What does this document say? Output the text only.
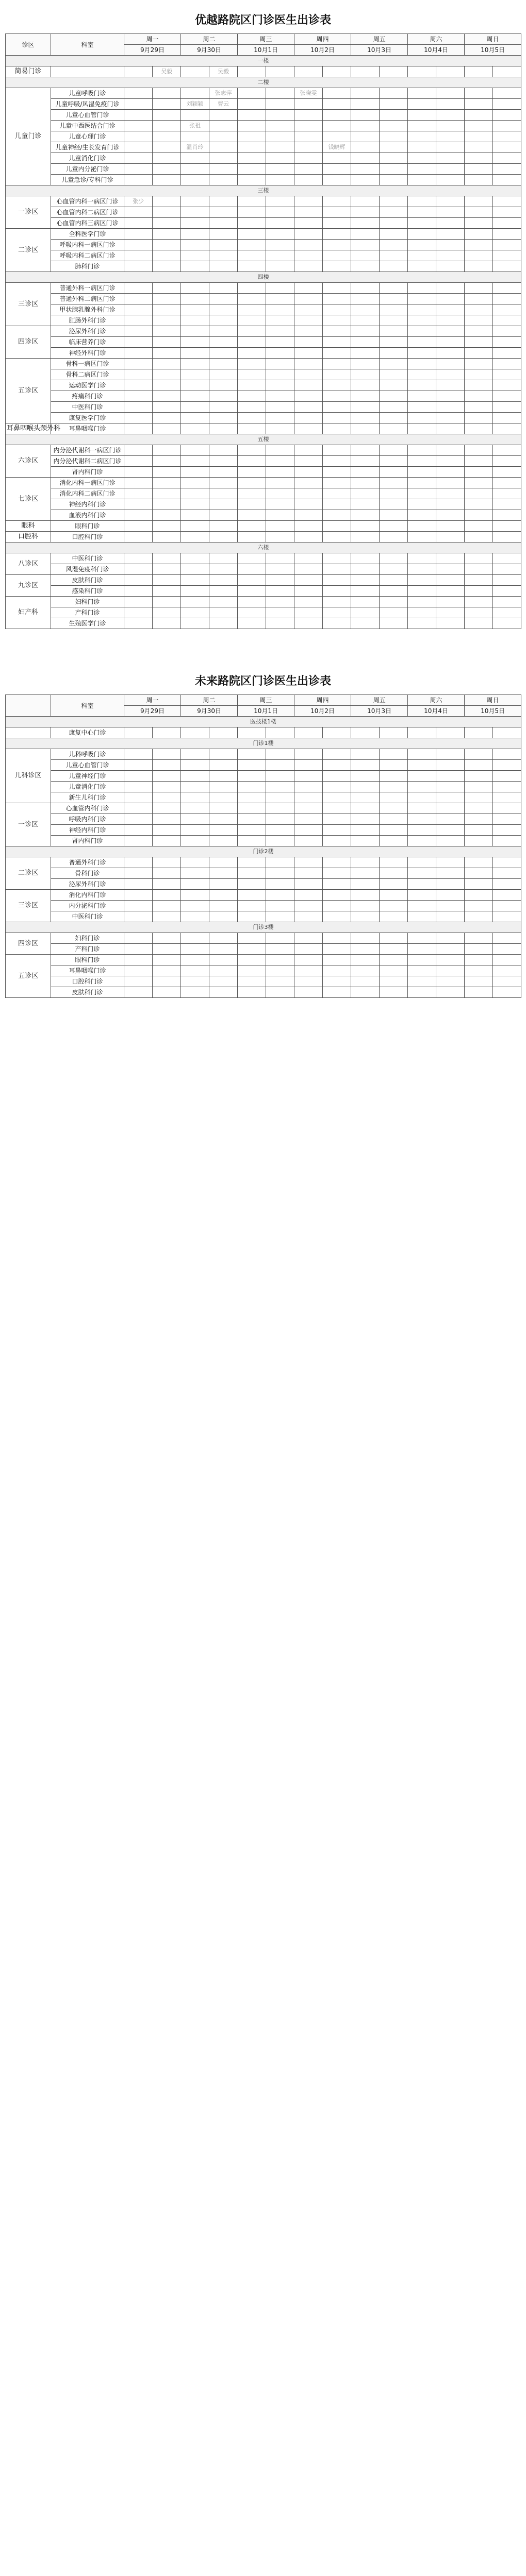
优越路院区门诊医生出诊表
诊区	科室	周一		周二		周三		周四		周五		周六		周日	
		9月29日		9月30日		10月1日		10月2日		10月3日		10月4日		10月5日	
一楼															
简易门诊			吴毅		吴毅										
二楼															
儿童门诊	儿童呼吸门诊				张志萍			张晓雯							
	儿童呼吸/风湿免疫门诊			刘颖颖	曹云										
	儿童心血管门诊														
	儿童中西医结合门诊			张祖											
	儿童心理门诊														
	儿童神经/生长发育门诊			温肖玲					钱晓辉						
	儿童消化门诊														
	儿童内分泌门诊														
	儿童急诊/专科门诊														
三楼															
一诊区	心血管内科一病区门诊	张少													
	心血管内科二病区门诊														
	心血管内科三病区门诊														
二诊区	全科医学门诊														
	呼吸内科一病区门诊														
	呼吸内科二病区门诊														
	肺科门诊														
四楼															
三诊区	普通外科一病区门诊														
	普通外科二病区门诊														
	甲状腺乳腺外科门诊														
	肛肠外科门诊														
四诊区	泌尿外科门诊														
	临床营养门诊														
	神经外科门诊														
五诊区	骨科一病区门诊														
	骨科二病区门诊														
	运动医学门诊														
	疼痛科门诊														
	中医科门诊														
	康复医学门诊														
耳鼻咽喉头颈外科	耳鼻咽喉门诊														
五楼															
六诊区	内分泌代谢科一病区门诊														
	内分泌代谢科二病区门诊														
	肾内科门诊														
七诊区	消化内科一病区门诊														
	消化内科二病区门诊														
	神经内科门诊														
	血液内科门诊														
眼科	眼科门诊														
口腔科	口腔科门诊														
六楼															
八诊区	中医科门诊														
	风湿免疫科门诊														
九诊区	皮肤科门诊														
	感染科门诊														
妇产科	妇科门诊														
	产科门诊														
	生殖医学门诊														
未来路院区门诊医生出诊表
	科室	周一		周二		周三		周四		周五		周六		周日	
		9月29日		9月30日		10月1日		10月2日		10月3日		10月4日		10月5日	
医技楼1楼															
	康复中心门诊														
门诊1楼															
儿科诊区	儿科呼吸门诊														
	儿童心血管门诊														
	儿童神经门诊														
	儿童消化门诊														
	新生儿科门诊														
一诊区	心血管内科门诊														
	呼吸内科门诊														
	神经内科门诊														
	肾内科门诊														
门诊2楼															
二诊区	普通外科门诊														
	骨科门诊														
	泌尿外科门诊														
三诊区	消化内科门诊														
	内分泌科门诊														
	中医科门诊														
门诊3楼															
四诊区	妇科门诊														
	产科门诊														
五诊区	眼科门诊														
	耳鼻咽喉门诊														
	口腔科门诊														
	皮肤科门诊														
